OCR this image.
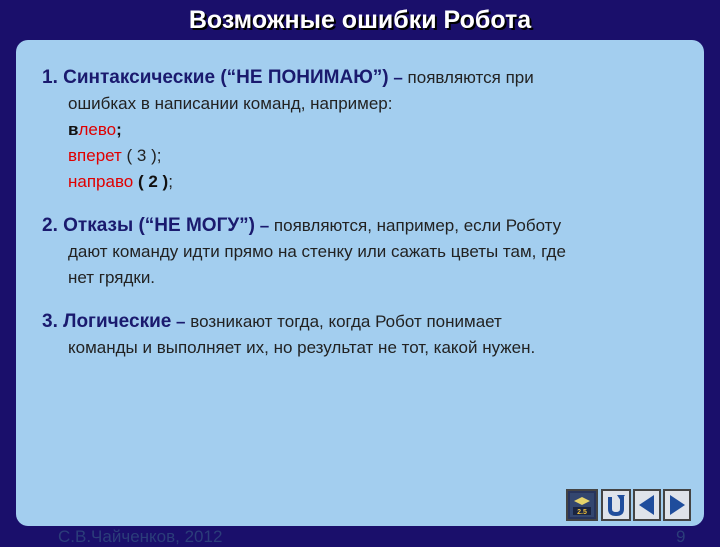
Возможные ошибки Робота
1. Синтаксические (“НЕ ПОНИМАЮ”) – появляются при
ошибках в написании команд, например:
влево;
вперет ( 3 );
направо ( 2 );
2. Отказы (“НЕ МОГУ”) – появляются, например, если Роботу
дают команду идти прямо на стенку или сажать цветы там, где
нет грядки.
3. Логические – возникают тогда, когда Робот понимает
команды и выполняет их, но результат не тот, какой нужен.
2.5
С.В.Чайченков, 2012	9
